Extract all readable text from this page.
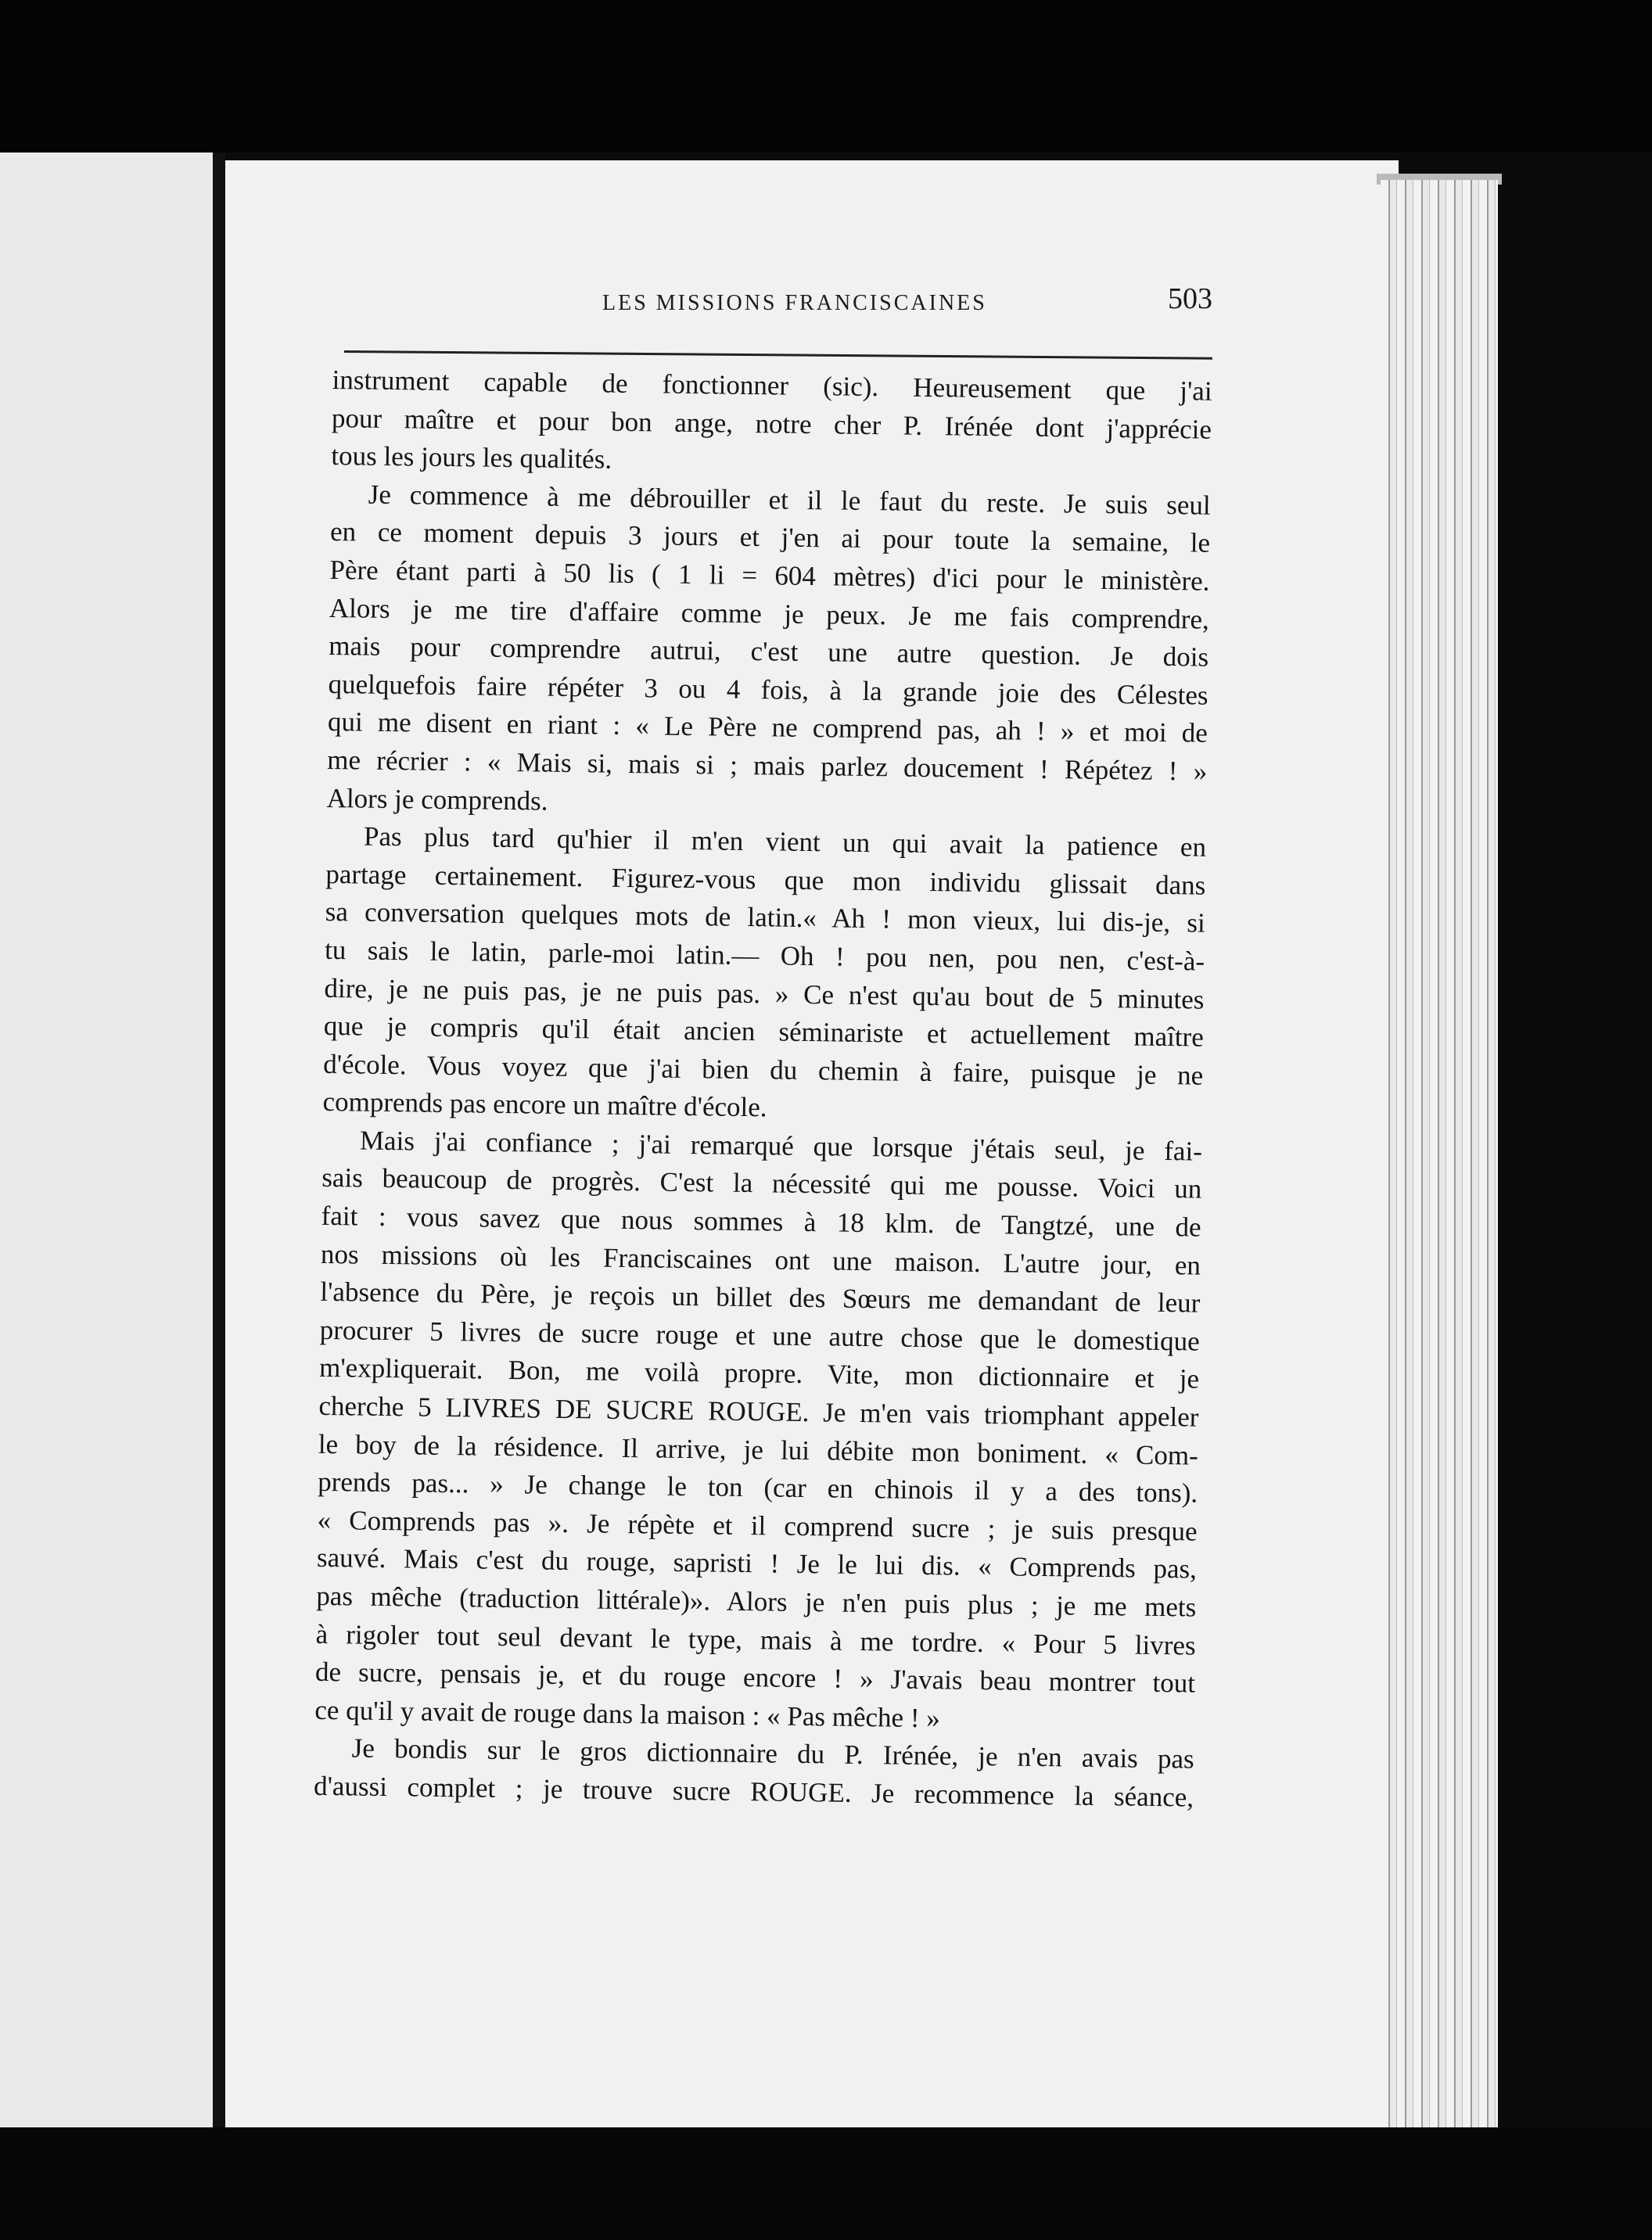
LES MISSIONS FRANCISCAINES	503

instrument capable de fonctionner (sic). Heureusement que j'ai
pour maître et pour bon ange, notre cher P. Irénée dont j'apprécie
tous les jours les qualités.

Je commence à me débrouiller et il le faut du reste. Je suis seul
en ce moment depuis 3 jours et j'en ai pour toute la semaine, le
Père étant parti à 50 lis ( 1 li = 604 mètres) d'ici pour le ministère.
Alors je me tire d'affaire comme je peux. Je me fais comprendre,
mais pour comprendre autrui, c'est une autre question. Je dois
quelquefois faire répéter 3 ou 4 fois, à la grande joie des Célestes
qui me disent en riant : « Le Père ne comprend pas, ah ! » et moi de
me récrier : « Mais si, mais si ; mais parlez doucement ! Répétez ! »
Alors je comprends.

Pas plus tard qu'hier il m'en vient un qui avait la patience en
partage certainement. Figurez-vous que mon individu glissait dans
sa conversation quelques mots de latin.« Ah ! mon vieux, lui dis-je, si
tu sais le latin, parle-moi latin.— Oh ! pou nen, pou nen, c'est-à-
dire, je ne puis pas, je ne puis pas. » Ce n'est qu'au bout de 5 minutes
que je compris qu'il était ancien séminariste et actuellement maître
d'école. Vous voyez que j'ai bien du chemin à faire, puisque je ne
comprends pas encore un maître d'école.

Mais j'ai confiance ; j'ai remarqué que lorsque j'étais seul, je fai-
sais beaucoup de progrès. C'est la nécessité qui me pousse. Voici un
fait : vous savez que nous sommes à 18 klm. de Tangtzé, une de
nos missions où les Franciscaines ont une maison. L'autre jour, en
l'absence du Père, je reçois un billet des Sœurs me demandant de leur
procurer 5 livres de sucre rouge et une autre chose que le domestique
m'expliquerait. Bon, me voilà propre. Vite, mon dictionnaire et je
cherche 5 LIVRES DE SUCRE ROUGE. Je m'en vais triomphant appeler
le boy de la résidence. Il arrive, je lui débite mon boniment. « Com-
prends pas... » Je change le ton (car en chinois il y a des tons).
« Comprends pas ». Je répète et il comprend sucre ; je suis presque
sauvé. Mais c'est du rouge, sapristi ! Je le lui dis. « Comprends pas,
pas mêche (traduction littérale)». Alors je n'en puis plus ; je me mets
à rigoler tout seul devant le type, mais à me tordre. « Pour 5 livres
de sucre, pensais je, et du rouge encore ! » J'avais beau montrer tout
ce qu'il y avait de rouge dans la maison : « Pas mêche ! »

Je bondis sur le gros dictionnaire du P. Irénée, je n'en avais pas
d'aussi complet ; je trouve sucre ROUGE. Je recommence la séance,
